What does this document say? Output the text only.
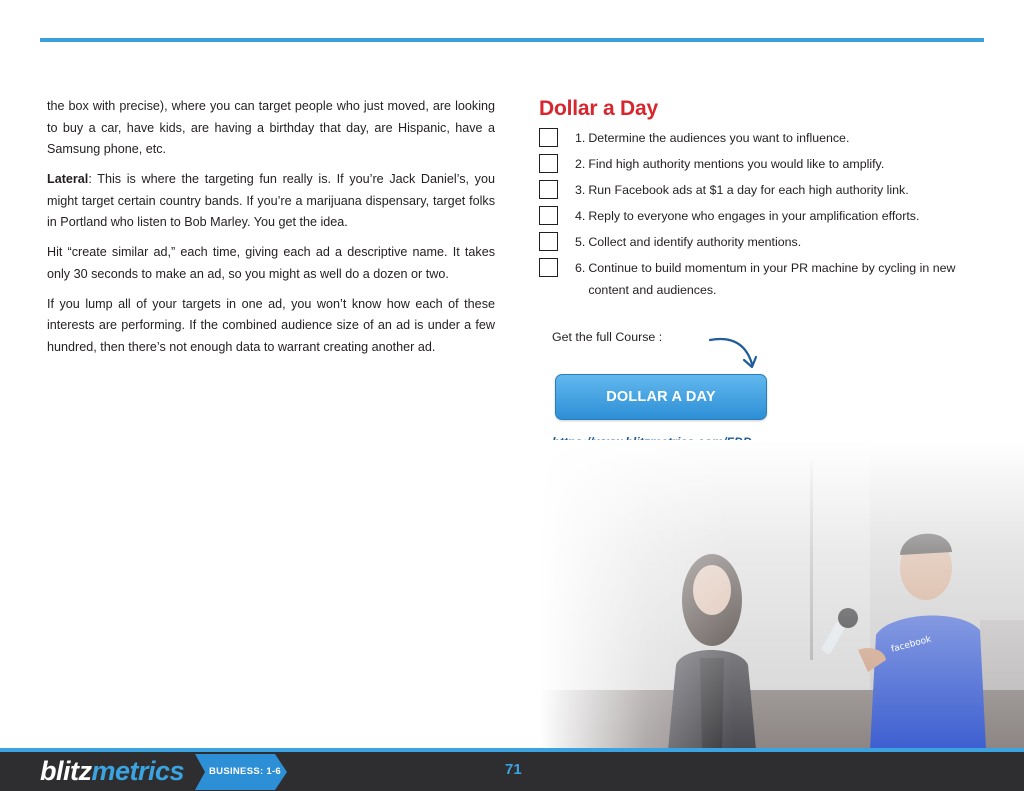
the box with precise), where you can target people who just moved, are looking to buy a car, have kids, are having a birthday that day, are Hispanic, have a Samsung phone, etc.

Lateral: This is where the targeting fun really is. If you’re Jack Daniel’s, you might target certain country bands. If you’re a marijuana dispensary, target folks in Portland who listen to Bob Marley. You get the idea.

Hit “create similar ad,” each time, giving each ad a descriptive name. It takes only 30 seconds to make an ad, so you might as well do a dozen or two.

If you lump all of your targets in one ad, you won’t know how each of these interests are performing. If the combined audience size of an ad is under a few hundred, then there’s not enough data to warrant creating another ad.

Dollar a Day
1. Determine the audiences you want to influence.
2. Find high authority mentions you would like to amplify.
3. Run Facebook ads at $1 a day for each high authority link.
4. Reply to everyone who engages in your amplification efforts.
5. Collect and identify authority mentions.
6. Continue to build momentum in your PR machine by cycling in new content and audiences.
Get the full Course :
DOLLAR A DAY
blitzmetrics	BUSINESS: 1-6	71
